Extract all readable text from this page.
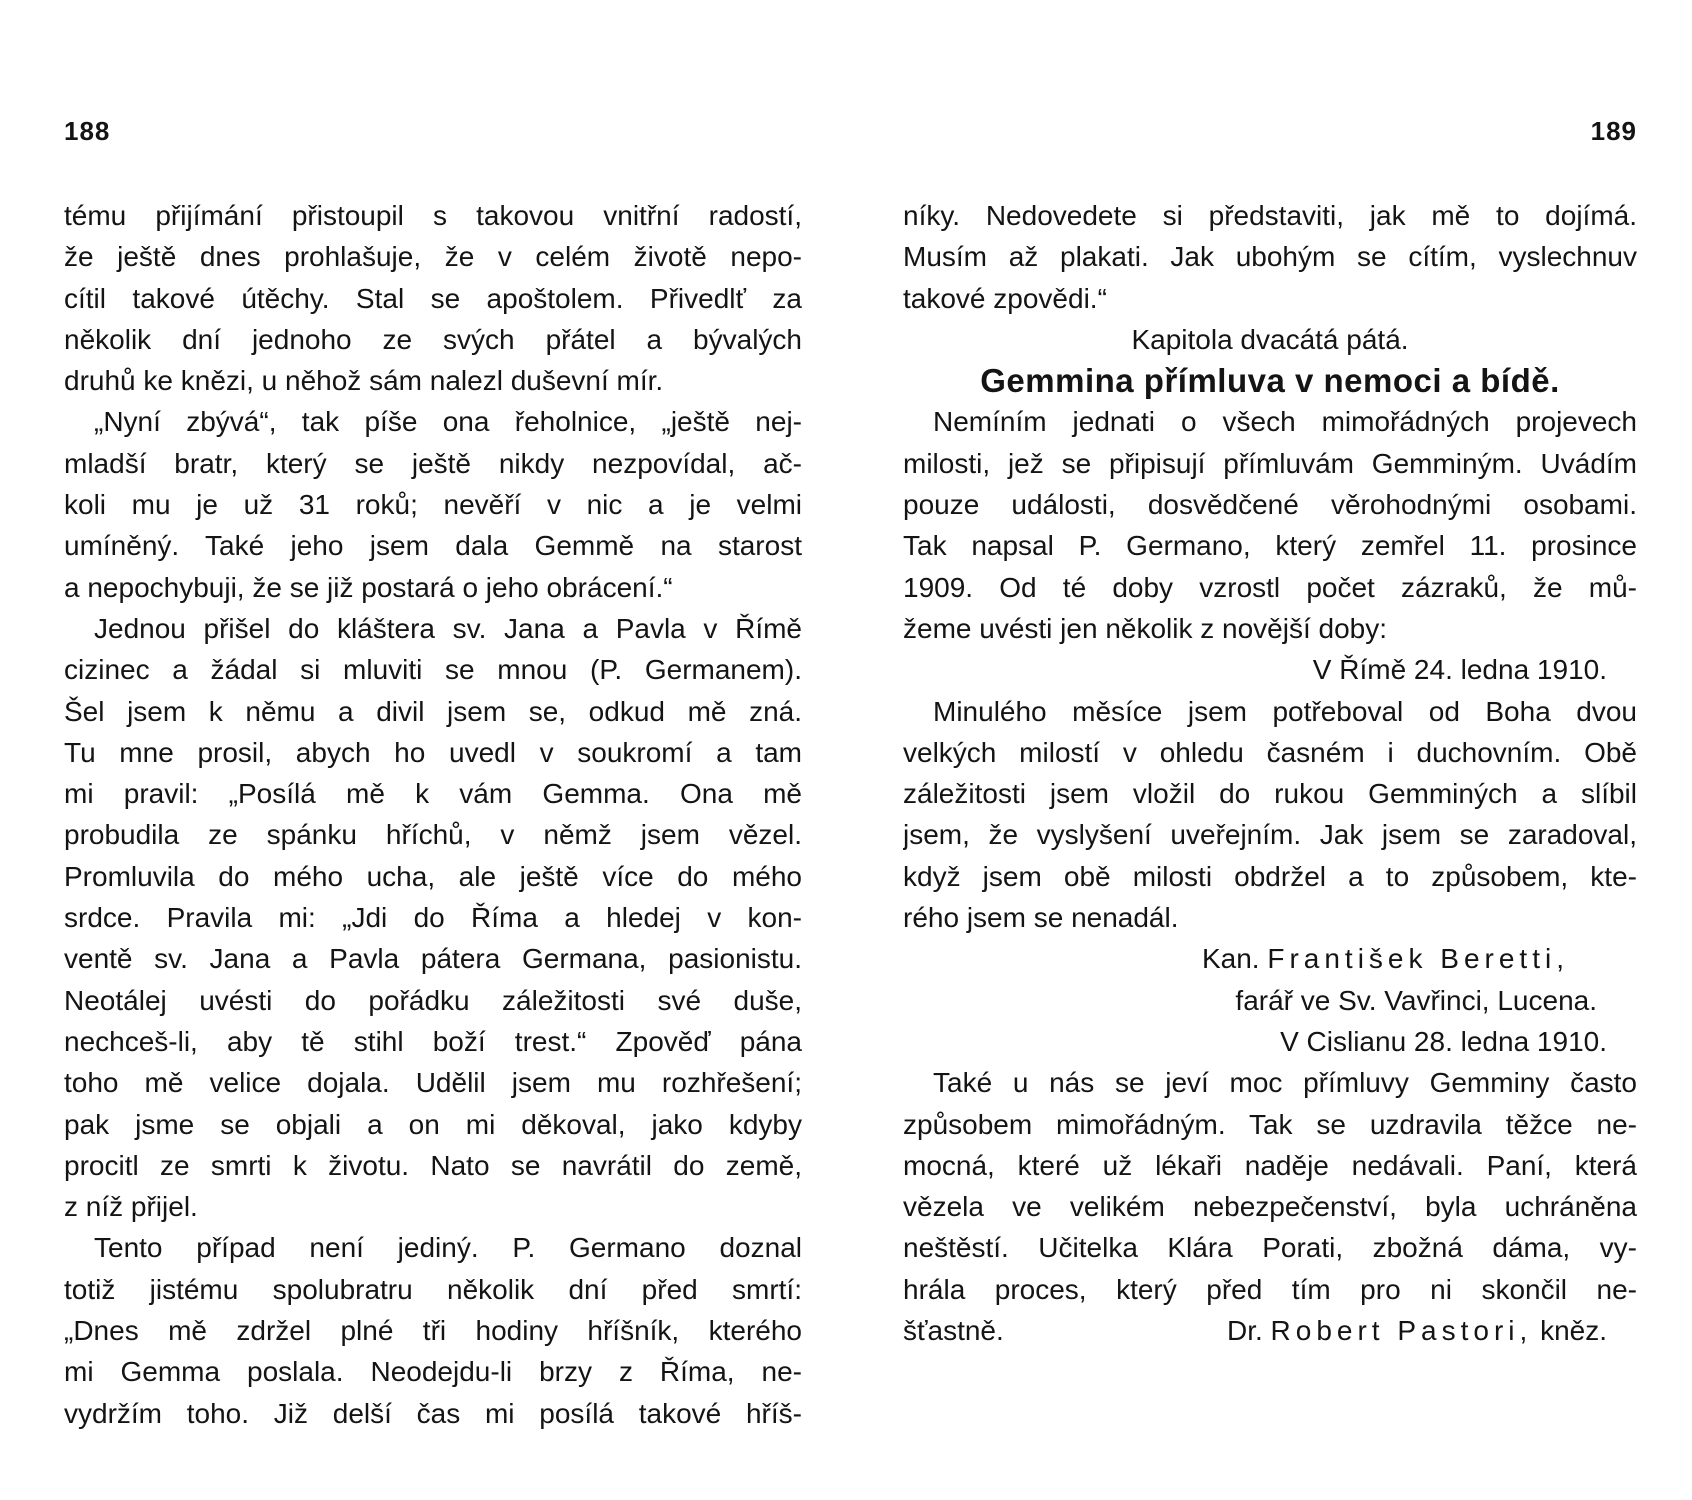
188
tému přijímání přistoupil s takovou vnitřní radostí,
že ještě dnes prohlašuje, že v celém životě nepo-
cítil takové útěchy. Stal se apoštolem. Přivedlť za
několik dní jednoho ze svých přátel a bývalých
druhů ke knězi, u něhož sám nalezl duševní mír.
„Nyní zbývá“, tak píše ona řeholnice, „ještě nej-
mladší bratr, který se ještě nikdy nezpovídal, ač-
koli mu je už 31 roků; nevěří v nic a je velmi
umíněný. Také jeho jsem dala Gemmě na starost
a nepochybuji, že se již postará o jeho obrácení.“
Jednou přišel do kláštera sv. Jana a Pavla v Římě
cizinec a žádal si mluviti se mnou (P. Germanem).
Šel jsem k němu a divil jsem se, odkud mě zná.
Tu mne prosil, abych ho uvedl v soukromí a tam
mi pravil: „Posílá mě k vám Gemma. Ona mě
probudila ze spánku hříchů, v němž jsem vězel.
Promluvila do mého ucha, ale ještě více do mého
srdce. Pravila mi: „Jdi do Říma a hledej v kon-
ventě sv. Jana a Pavla pátera Germana, pasionistu.
Neotálej uvésti do pořádku záležitosti své duše,
nechceš-li, aby tě stihl boží trest.“ Zpověď pána
toho mě velice dojala. Udělil jsem mu rozhřešení;
pak jsme se objali a on mi děkoval, jako kdyby
procitl ze smrti k životu. Nato se navrátil do země,
z níž přijel.
Tento případ není jediný. P. Germano doznal
totiž jistému spolubratru několik dní před smrtí:
„Dnes mě zdržel plné tři hodiny hříšník, kterého
mi Gemma poslala. Neodejdu-li brzy z Říma, ne-
vydržím toho. Již delší čas mi posílá takové hříš-
189
níky. Nedovedete si představiti, jak mě to dojímá.
Musím až plakati. Jak ubohým se cítím, vyslechnuv
takové zpovědi.“
Kapitola dvacátá pátá.
Gemmina přímluva v nemoci a bídě.
Nemíním jednati o všech mimořádných projevech
milosti, jež se připisují přímluvám Gemminým. Uvádím
pouze události, dosvědčené věrohodnými osobami.
Tak napsal P. Germano, který zemřel 11. prosince
1909. Od té doby vzrostl počet zázraků, že mů-
žeme uvésti jen několik z novější doby:
V Římě 24. ledna 1910.
Minulého měsíce jsem potřeboval od Boha dvou
velkých milostí v ohledu časném i duchovním. Obě
záležitosti jsem vložil do rukou Gemminých a slíbil
jsem, že vyslyšení uveřejním. Jak jsem se zaradoval,
když jsem obě milosti obdržel a to způsobem, kte-
rého jsem se nenadál.
Kan. František Beretti,
farář ve Sv. Vavřinci, Lucena.
V Cislianu 28. ledna 1910.
Také u nás se jeví moc přímluvy Gemminy často
způsobem mimořádným. Tak se uzdravila těžce ne-
mocná, které už lékaři naděje nedávali. Paní, která
vězela ve velikém nebezpečenství, byla uchráněna
neštěstí. Učitelka Klára Porati, zbožná dáma, vy-
hrála proces, který před tím pro ni skončil ne-
šťastně.	Dr. Robert Pastori, kněz.
